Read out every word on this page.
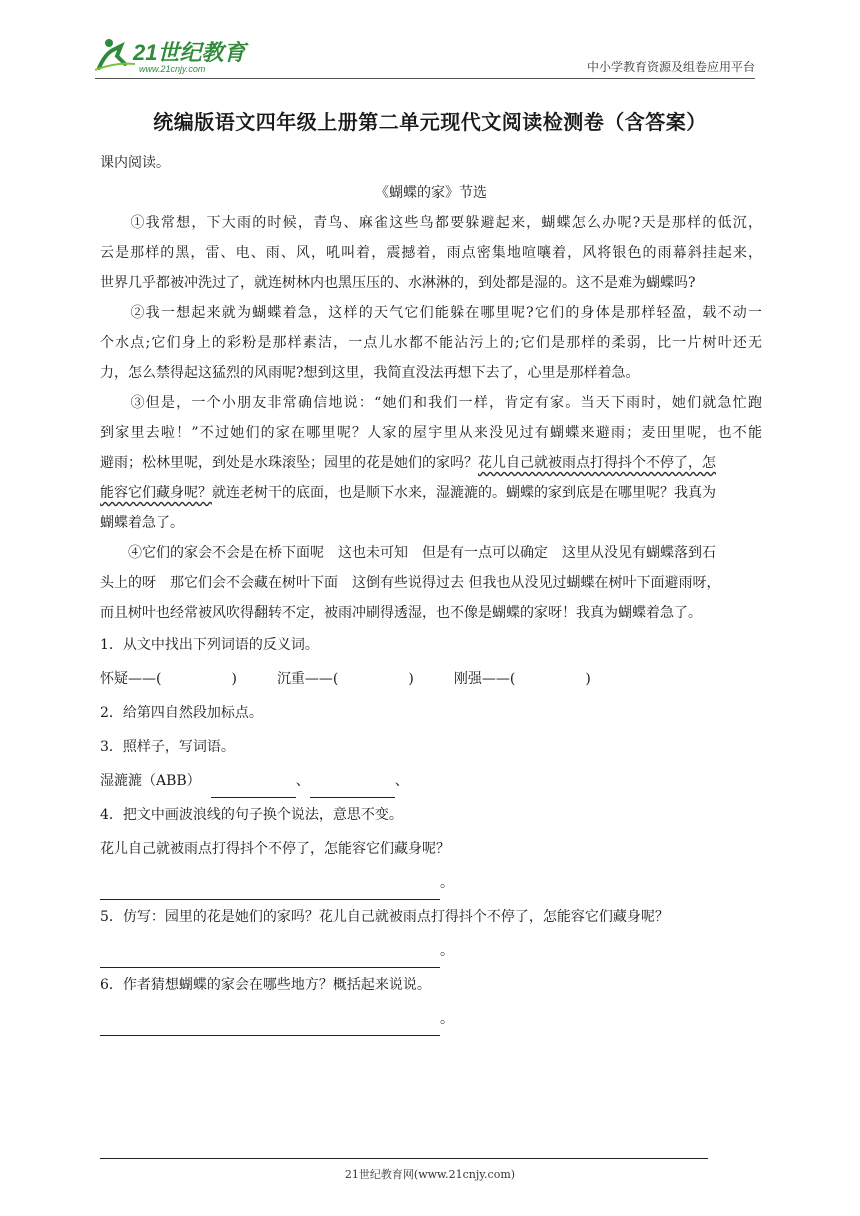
21世纪教育
www.21cnjy.com	中小学教育资源及组卷应用平台
统编版语文四年级上册第二单元现代文阅读检测卷（含答案）
课内阅读。
《蝴蝶的家》节选
　　①我常想，下大雨的时候，青鸟、麻雀这些鸟都要躲避起来，蝴蝶怎么办呢?天是那样的低沉，
云是那样的黑，雷、电、雨、风，吼叫着，震撼着，雨点密集地喧嚷着，风将银色的雨幕斜挂起来，
世界几乎都被冲洗过了，就连树林内也黑压压的、水淋淋的，到处都是湿的。这不是难为蝴蝶吗?
　　②我一想起来就为蝴蝶着急，这样的天气它们能躲在哪里呢?它们的身体是那样轻盈，载不动一
个水点;它们身上的彩粉是那样素洁，一点儿水都不能沾污上的;它们是那样的柔弱，比一片树叶还无
力，怎么禁得起这猛烈的风雨呢?想到这里，我简直没法再想下去了，心里是那样着急。
　　③但是，一个小朋友非常确信地说：“她们和我们一样，肯定有家。当天下雨时，她们就急忙跑
到家里去啦！”不过她们的家在哪里呢？人家的屋宇里从来没见过有蝴蝶来避雨；麦田里呢，也不能
避雨；松林里呢，到处是水珠滚坠；园里的花是她们的家吗？花儿自己就被雨点打得抖个不停了，怎
能容它们藏身呢？就连老树干的底面，也是顺下水来，湿漉漉的。蝴蝶的家到底是在哪里呢？我真为
蝴蝶着急了。
　　④它们的家会不会是在桥下面呢　这也未可知　但是有一点可以确定　这里从没见有蝴蝶落到石
头上的呀　那它们会不会藏在树叶下面　这倒有些说得过去 但我也从没见过蝴蝶在树叶下面避雨呀，
而且树叶也经常被风吹得翻转不定，被雨冲刷得透湿，也不像是蝴蝶的家呀！我真为蝴蝶着急了。
1．从文中找出下列词语的反义词。
怀疑——(	)	沉重——(	)	刚强——(	)
2．给第四自然段加标点。
3．照样子，写词语。
湿漉漉（ABB）	、	、
4．把文中画波浪线的句子换个说法，意思不变。
花儿自己就被雨点打得抖个不停了，怎能容它们藏身呢？
。
5．仿写：园里的花是她们的家吗？花儿自己就被雨点打得抖个不停了，怎能容它们藏身呢？
。
6．作者猜想蝴蝶的家会在哪些地方？概括起来说说。
。
21世纪教育网(www.21cnjy.com)
